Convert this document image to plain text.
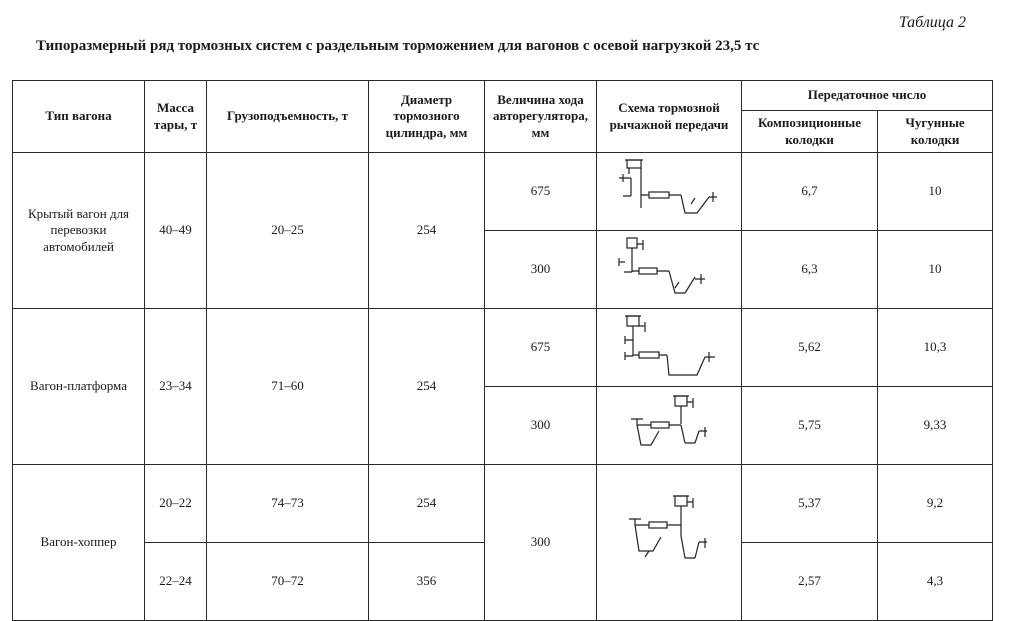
Таблица 2
Типоразмерный ряд тормозных систем с раздельным торможением для вагонов с осевой нагрузкой 23,5 тс
Тип вагона	Масса тары, т	Грузоподъемность, т	Диаметр тормозного цилиндра, мм	Величина хода авторегулятора, мм	Схема тормозной рычажной передачи	Передаточное число	
						Композиционные колодки	Чугунные колодки
Крытый вагон для перевозки автомобилей	40–49	20–25	254	675		6,7	10
				300		6,3	10
Вагон-платформа	23–34	71–60	254	675		5,62	10,3
				300		5,75	9,33
Вагон-хоппер	20–22	74–73	254	300		5,37	9,2
	22–24	70–72	356			2,57	4,3
